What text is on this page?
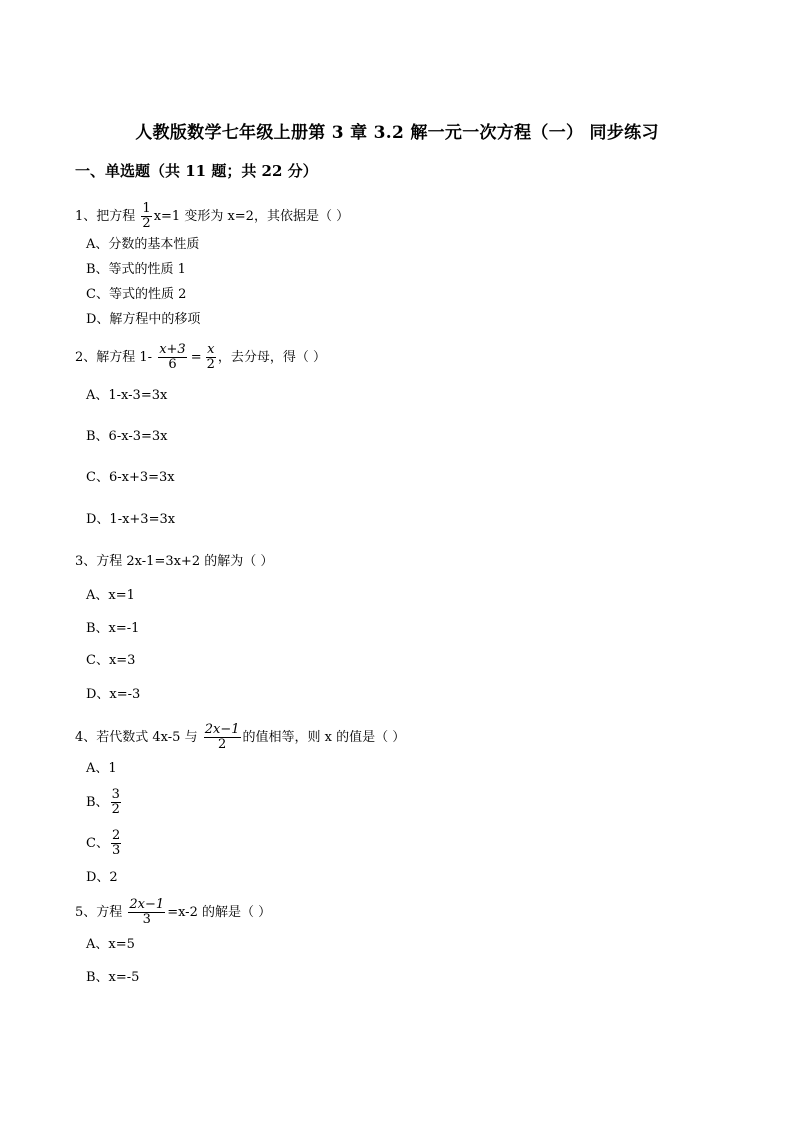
人教版数学七年级上册第 3 章 3.2 解一元一次方程（一） 同步练习
一、单选题（共 11 题；共 22 分）
1、把方程 $\frac{1}{2} x=1$ 变形为 x=2，其依据是（ ）
A、分数的基本性质
B、等式的性质 1
C、等式的性质 2
D、解方程中的移项
2、解方程 $1- \frac{x+3}{6} = \frac{x}{2}$ ，去分母，得（ ）
A、1-x-3=3x
B、6-x-3=3x
C、6-x+3=3x
D、1-x+3=3x
3、方程 2x-1=3x+2 的解为（ ）
A、x=1
B、x=-1
C、x=3
D、x=-3
4、若代数式 4x-5 与 $\frac{2x-1}{2}$ 的值相等，则 x 的值是（ ）
A、1
B、 $\frac{3}{2}$
C、 $\frac{2}{3}$
D、2
5、方程 $\frac{2x-1}{3} =x-2$ 的解是（ ）
A、x=5
B、x=-5
